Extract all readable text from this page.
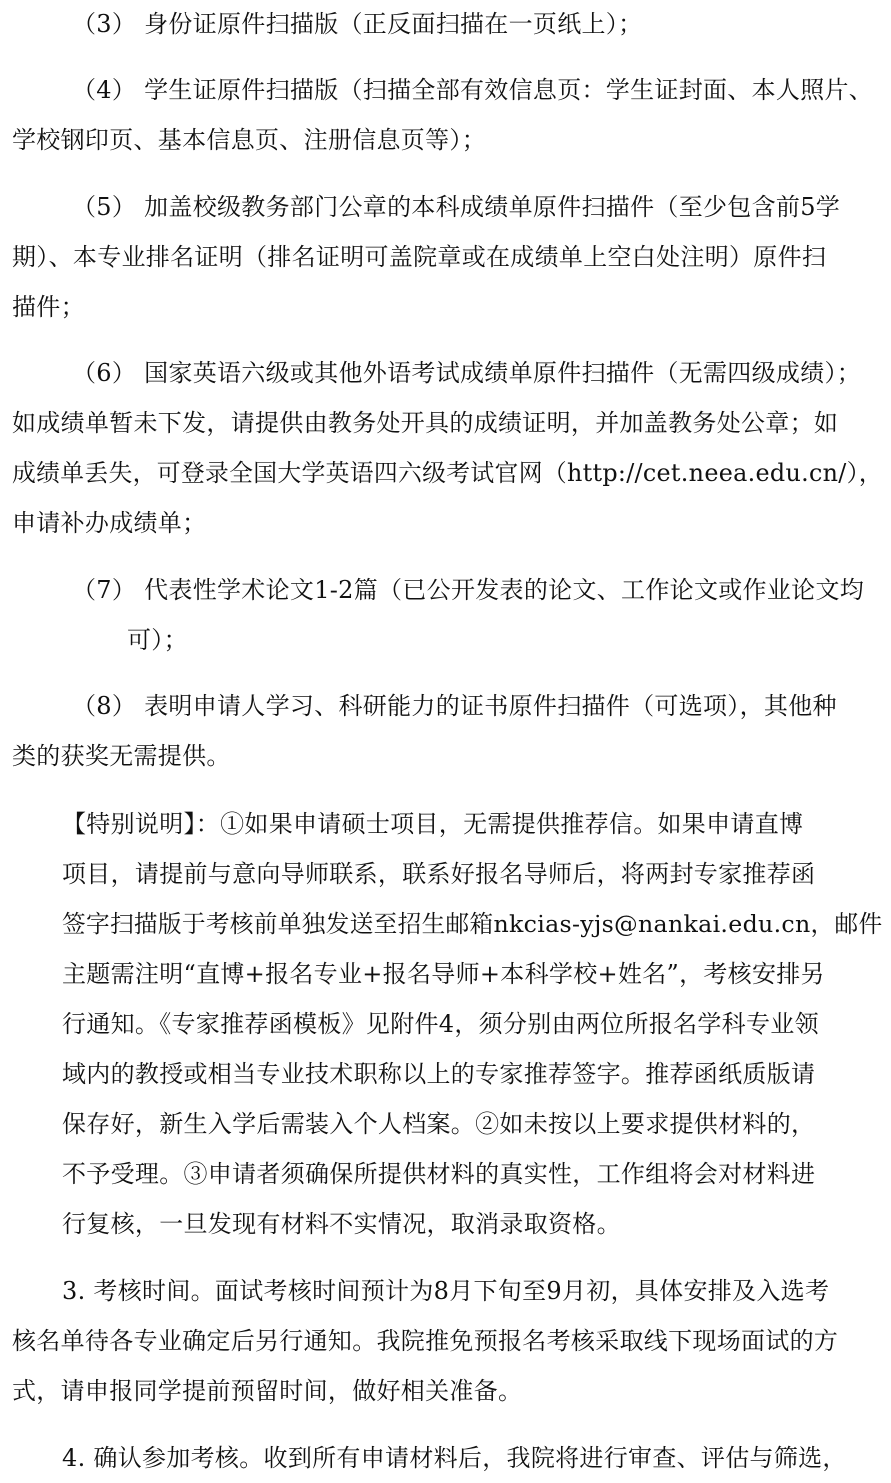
（3） 身份证原件扫描版（正反面扫描在一页纸上）；
（4） 学生证原件扫描版（扫描全部有效信息页：学生证封面、本人照片、
学校钢印页、基本信息页、注册信息页等）；
（5） 加盖校级教务部门公章的本科成绩单原件扫描件（至少包含前5学
期）、本专业排名证明（排名证明可盖院章或在成绩单上空白处注明）原件扫
描件；
（6） 国家英语六级或其他外语考试成绩单原件扫描件（无需四级成绩）；
如成绩单暂未下发，请提供由教务处开具的成绩证明，并加盖教务处公章；如
成绩单丢失，可登录全国大学英语四六级考试官网（http://cet.neea.edu.cn/），
申请补办成绩单；
（7） 代表性学术论文1-2篇（已公开发表的论文、工作论文或作业论文均
可）；
（8） 表明申请人学习、科研能力的证书原件扫描件（可选项），其他种
类的获奖无需提供。
【特别说明】：①如果申请硕士项目，无需提供推荐信。如果申请直博
项目，请提前与意向导师联系，联系好报名导师后，将两封专家推荐函
签字扫描版于考核前单独发送至招生邮箱nkcias-yjs@nankai.edu.cn，邮件
主题需注明“直博+报名专业+报名导师+本科学校+姓名”，考核安排另
行通知。《专家推荐函模板》见附件4，须分别由两位所报名学科专业领
域内的教授或相当专业技术职称以上的专家推荐签字。推荐函纸质版请
保存好，新生入学后需装入个人档案。②如未按以上要求提供材料的，
不予受理。③申请者须确保所提供材料的真实性，工作组将会对材料进
行复核，一旦发现有材料不实情况，取消录取资格。
3. 考核时间。面试考核时间预计为8月下旬至9月初，具体安排及入选考
核名单待各专业确定后另行通知。我院推免预报名考核采取线下现场面试的方
式，请申报同学提前预留时间，做好相关准备。
4. 确认参加考核。收到所有申请材料后，我院将进行审查、评估与筛选，
